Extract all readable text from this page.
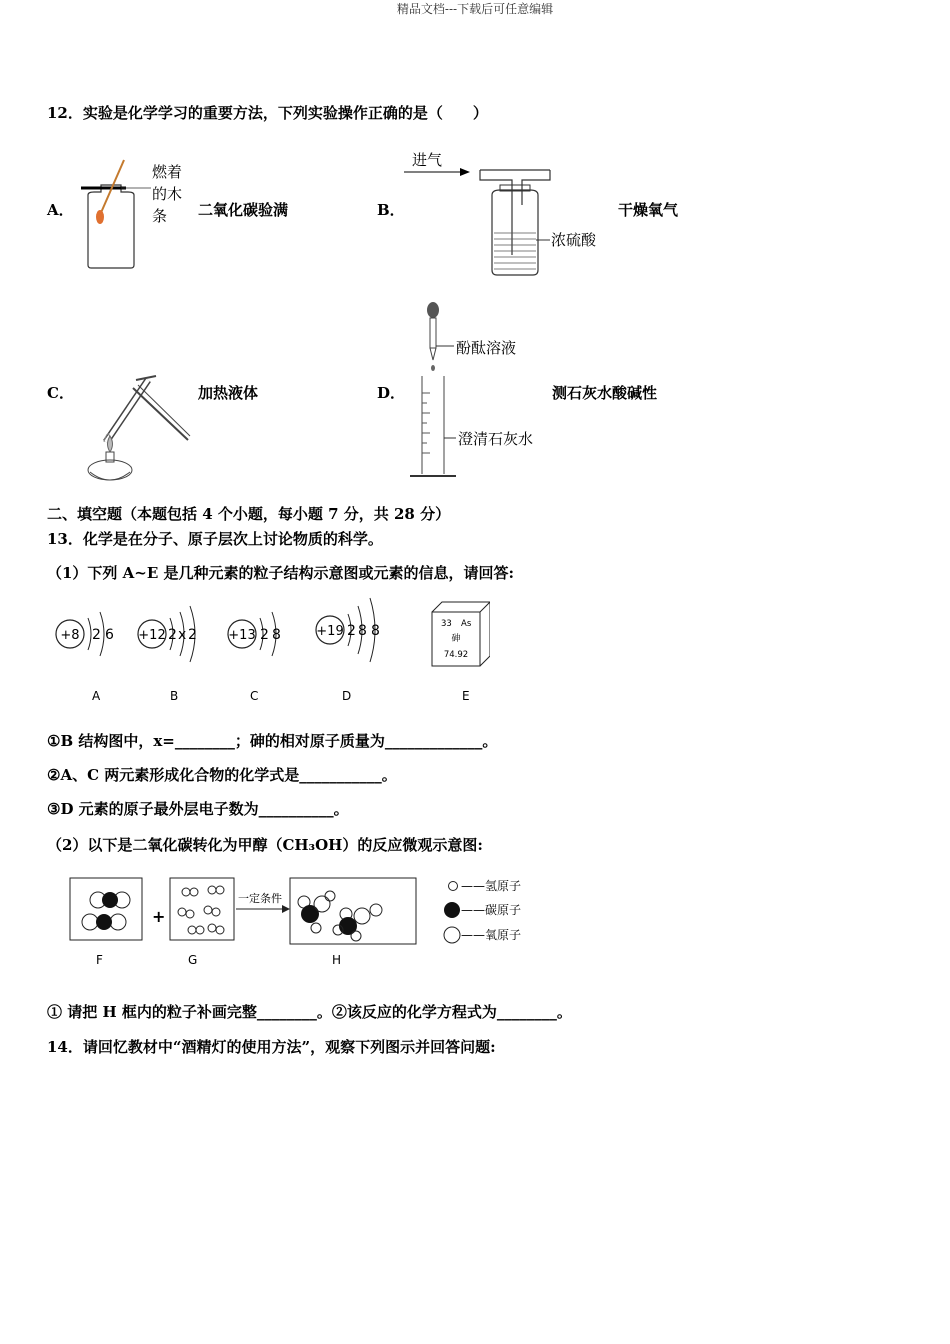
精品文档---下载后可任意编辑
12．实验是化学学习的重要方法，下列实验操作正确的是（　　）
A．
燃着
的木
条 二氧化碳验满	B．
进气
浓硫酸
干燥氧气
C．	加热液体	D．
酚酞溶液
澄清石灰水
测石灰水酸碱性
二、填空题（本题包括 4 个小题，每小题 7 分，共 28 分）
13．化学是在分子、原子层次上讨论物质的科学。
（1）下列 A~E 是几种元素的粒子结构示意图或元素的信息，请回答:
+8 2 6
A
+12 2 x 2
B
+13 2 8
C
+19 2 8 8
D
33 As
砷
74.92
E
①B 结构图中，x=________；砷的相对原子质量为_____________。
②A、C 两元素形成化合物的化学式是___________。
③D 元素的原子最外层电子数为__________。
（2）以下是二氧化碳转化为甲醇（CH₃OH）的反应微观示意图:
F
+
G
一定条件
H
——氢原子
——碳原子
——氧原子
① 请把 H 框内的粒子补画完整________。②该反应的化学方程式为________。
14．请回忆教材中“酒精灯的使用方法”，观察下列图示并回答问题:
